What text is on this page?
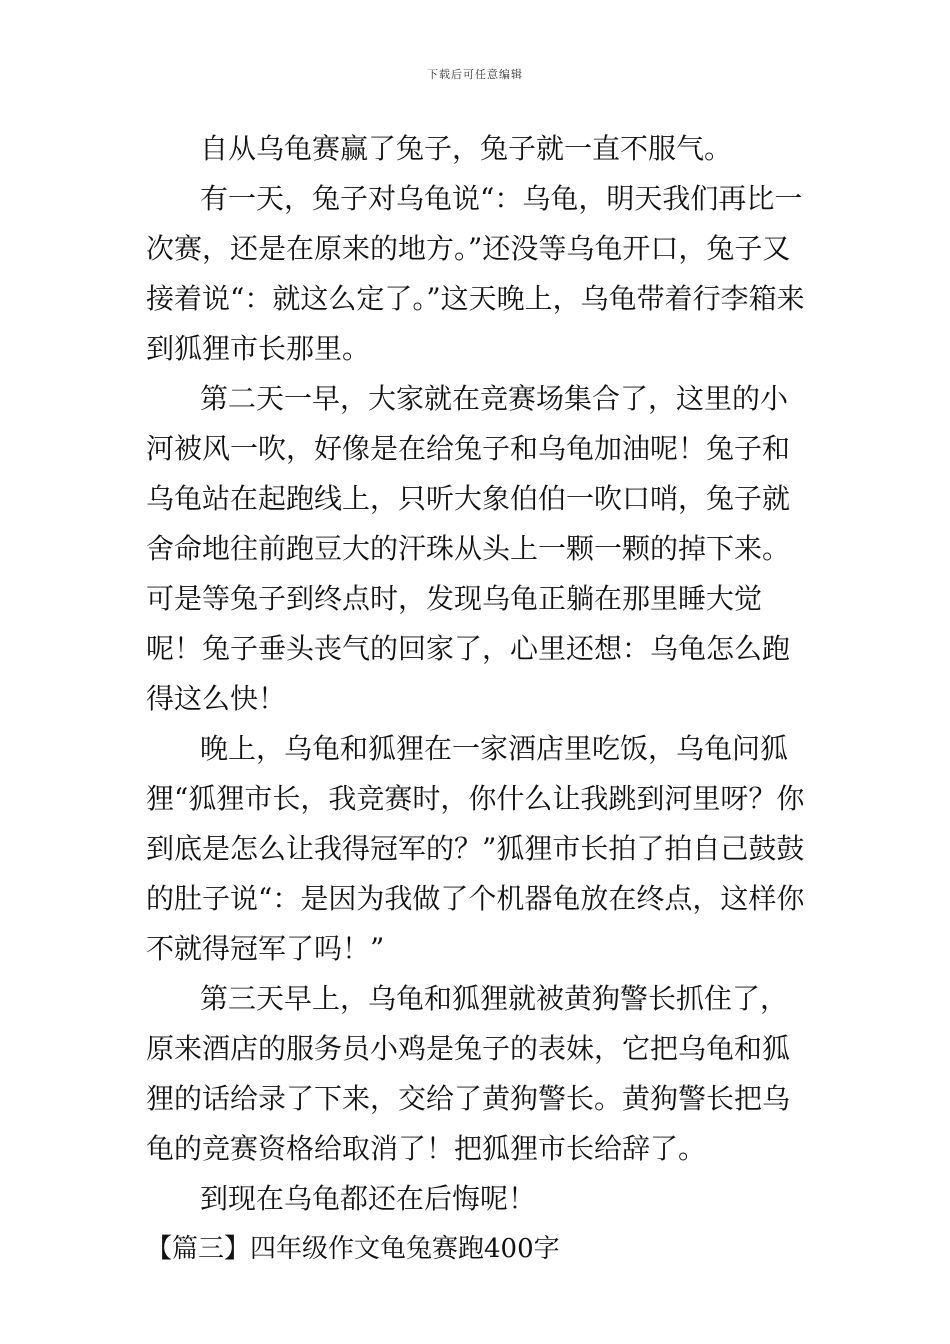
下载后可任意编辑

自从乌龟赛赢了兔子，兔子就一直不服气。

有一天，兔子对乌龟说“：乌龟，明天我们再比一次赛，还是在原来的地方。”还没等乌龟开口，兔子又接着说“：就这么定了。”这天晚上，乌龟带着行李箱来到狐狸市长那里。

第二天一早，大家就在竞赛场集合了，这里的小河被风一吹，好像是在给兔子和乌龟加油呢！兔子和乌龟站在起跑线上，只听大象伯伯一吹口哨，兔子就舍命地往前跑豆大的汗珠从头上一颗一颗的掉下来。可是等兔子到终点时，发现乌龟正躺在那里睡大觉呢！兔子垂头丧气的回家了，心里还想：乌龟怎么跑得这么快！

晚上，乌龟和狐狸在一家酒店里吃饭，乌龟问狐狸“狐狸市长，我竞赛时，你什么让我跳到河里呀？你到底是怎么让我得冠军的？”狐狸市长拍了拍自己鼓鼓的肚子说“：是因为我做了个机器龟放在终点，这样你不就得冠军了吗！”

第三天早上，乌龟和狐狸就被黄狗警长抓住了，原来酒店的服务员小鸡是兔子的表妹，它把乌龟和狐狸的话给录了下来，交给了黄狗警长。黄狗警长把乌龟的竞赛资格给取消了！把狐狸市长给辞了。

到现在乌龟都还在后悔呢！

【篇三】四年级作文龟兔赛跑400字
